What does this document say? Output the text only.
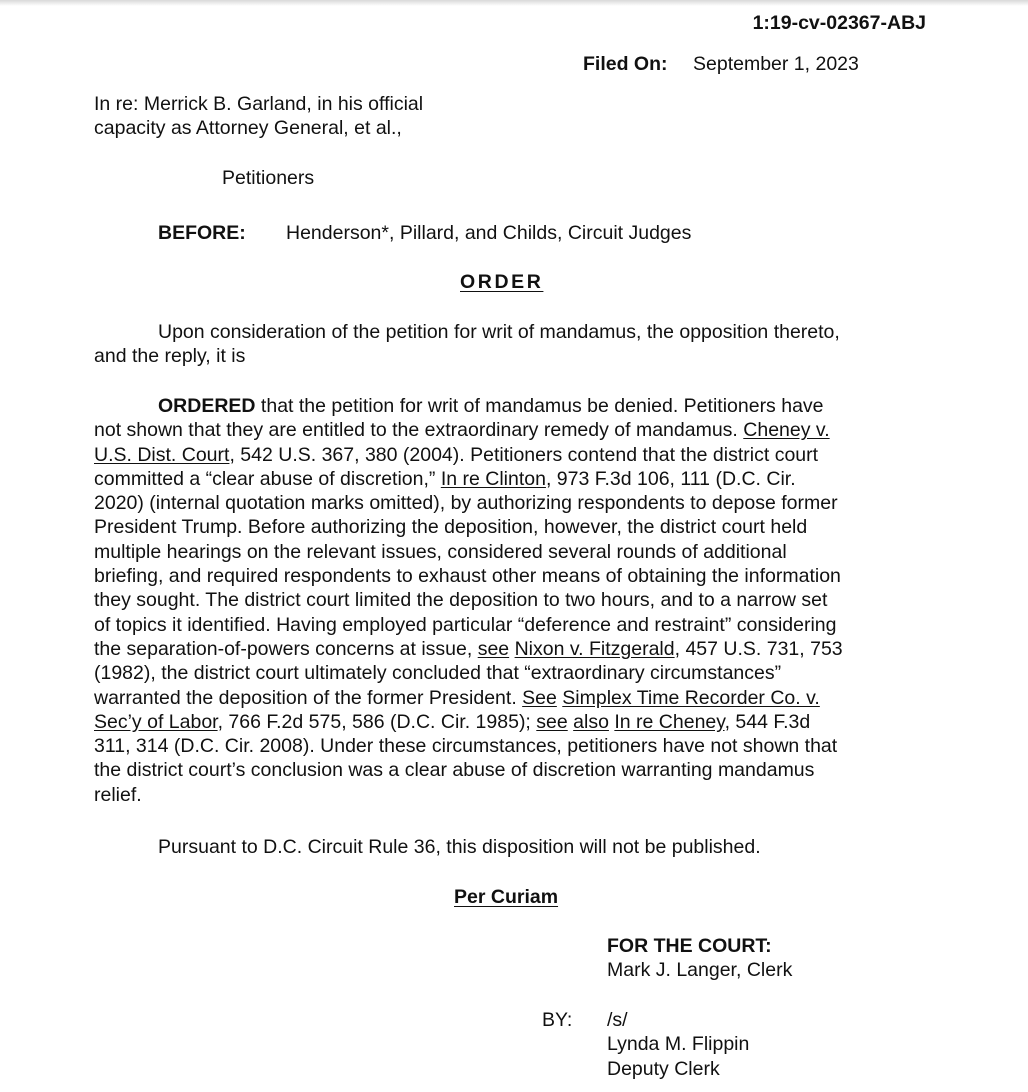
1:19-cv-02367-ABJ
Filed On: September 1, 2023
In re: Merrick B. Garland, in his official
capacity as Attorney General, et al.,
Petitioners
BEFORE: Henderson*, Pillard, and Childs, Circuit Judges
ORDER
Upon consideration of the petition for writ of mandamus, the opposition thereto,
and the reply, it is
ORDERED that the petition for writ of mandamus be denied. Petitioners have
not shown that they are entitled to the extraordinary remedy of mandamus. Cheney v.
U.S. Dist. Court, 542 U.S. 367, 380 (2004). Petitioners contend that the district court
committed a “clear abuse of discretion,” In re Clinton, 973 F.3d 106, 111 (D.C. Cir.
2020) (internal quotation marks omitted), by authorizing respondents to depose former
President Trump. Before authorizing the deposition, however, the district court held
multiple hearings on the relevant issues, considered several rounds of additional
briefing, and required respondents to exhaust other means of obtaining the information
they sought. The district court limited the deposition to two hours, and to a narrow set
of topics it identified. Having employed particular “deference and restraint” considering
the separation-of-powers concerns at issue, see Nixon v. Fitzgerald, 457 U.S. 731, 753
(1982), the district court ultimately concluded that “extraordinary circumstances”
warranted the deposition of the former President. See Simplex Time Recorder Co. v.
Sec’y of Labor, 766 F.2d 575, 586 (D.C. Cir. 1985); see also In re Cheney, 544 F.3d
311, 314 (D.C. Cir. 2008). Under these circumstances, petitioners have not shown that
the district court’s conclusion was a clear abuse of discretion warranting mandamus
relief.
Pursuant to D.C. Circuit Rule 36, this disposition will not be published.
Per Curiam
FOR THE COURT:
Mark J. Langer, Clerk
BY: /s/
Lynda M. Flippin
Deputy Clerk
